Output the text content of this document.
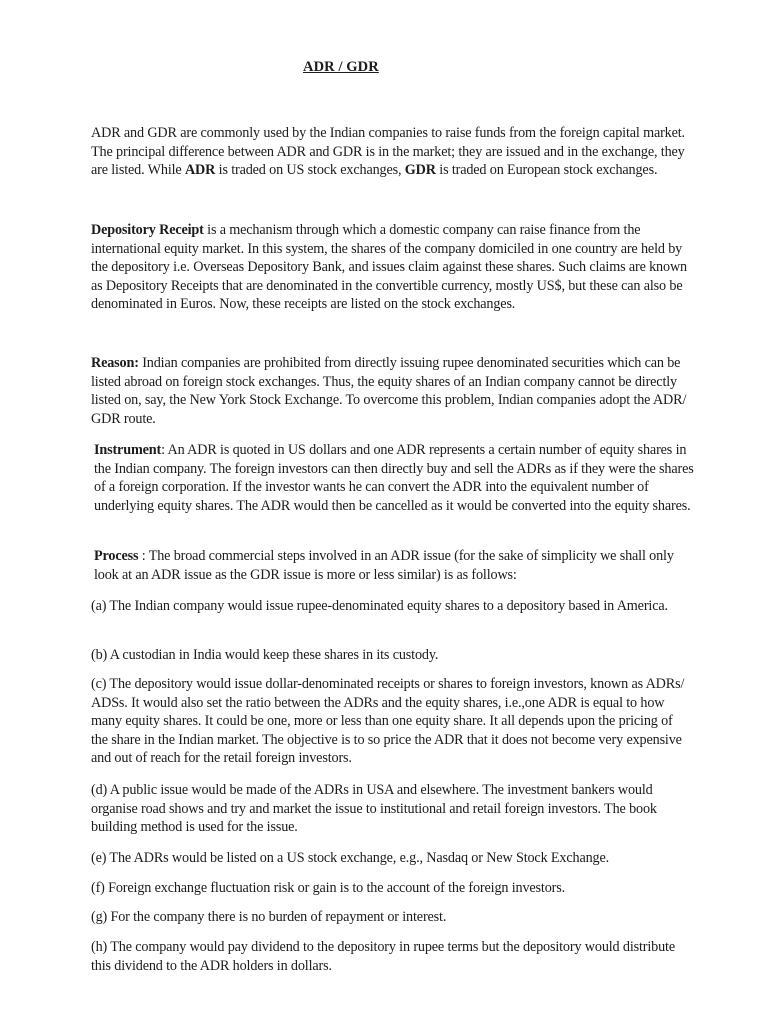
ADR / GDR

ADR and GDR are commonly used by the Indian companies to raise funds from the foreign capital market. The principal difference between ADR and GDR is in the market; they are issued and in the exchange, they are listed. While ADR is traded on US stock exchanges, GDR is traded on European stock exchanges.

Depository Receipt is a mechanism through which a domestic company can raise finance from the international equity market. In this system, the shares of the company domiciled in one country are held by the depository i.e. Overseas Depository Bank, and issues claim against these shares. Such claims are known as Depository Receipts that are denominated in the convertible currency, mostly US$, but these can also be denominated in Euros. Now, these receipts are listed on the stock exchanges.

Reason: Indian companies are prohibited from directly issuing rupee denominated securities which can be listed abroad on foreign stock exchanges. Thus, the equity shares of an Indian company cannot be directly listed on, say, the New York Stock Exchange. To overcome this problem, Indian companies adopt the ADR/ GDR route.

Instrument: An ADR is quoted in US dollars and one ADR represents a certain number of equity shares in the Indian company. The foreign investors can then directly buy and sell the ADRs as if they were the shares of a foreign corporation. If the investor wants he can convert the ADR into the equivalent number of underlying equity shares. The ADR would then be cancelled as it would be converted into the equity shares.

Process : The broad commercial steps involved in an ADR issue (for the sake of simplicity we shall only look at an ADR issue as the GDR issue is more or less similar) is as follows:

(a) The Indian company would issue rupee-denominated equity shares to a depository based in America.

(b) A custodian in India would keep these shares in its custody.

(c) The depository would issue dollar-denominated receipts or shares to foreign investors, known as ADRs/ ADSs. It would also set the ratio between the ADRs and the equity shares, i.e.,one ADR is equal to how many equity shares. It could be one, more or less than one equity share. It all depends upon the pricing of the share in the Indian market. The objective is to so price the ADR that it does not become very expensive and out of reach for the retail foreign investors.

(d) A public issue would be made of the ADRs in USA and elsewhere. The investment bankers would organise road shows and try and market the issue to institutional and retail foreign investors. The book building method is used for the issue.

(e) The ADRs would be listed on a US stock exchange, e.g., Nasdaq or New Stock Exchange.

(f) Foreign exchange fluctuation risk or gain is to the account of the foreign investors.

(g) For the company there is no burden of repayment or interest.

(h) The company would pay dividend to the depository in rupee terms but the depository would distribute this dividend to the ADR holders in dollars.
